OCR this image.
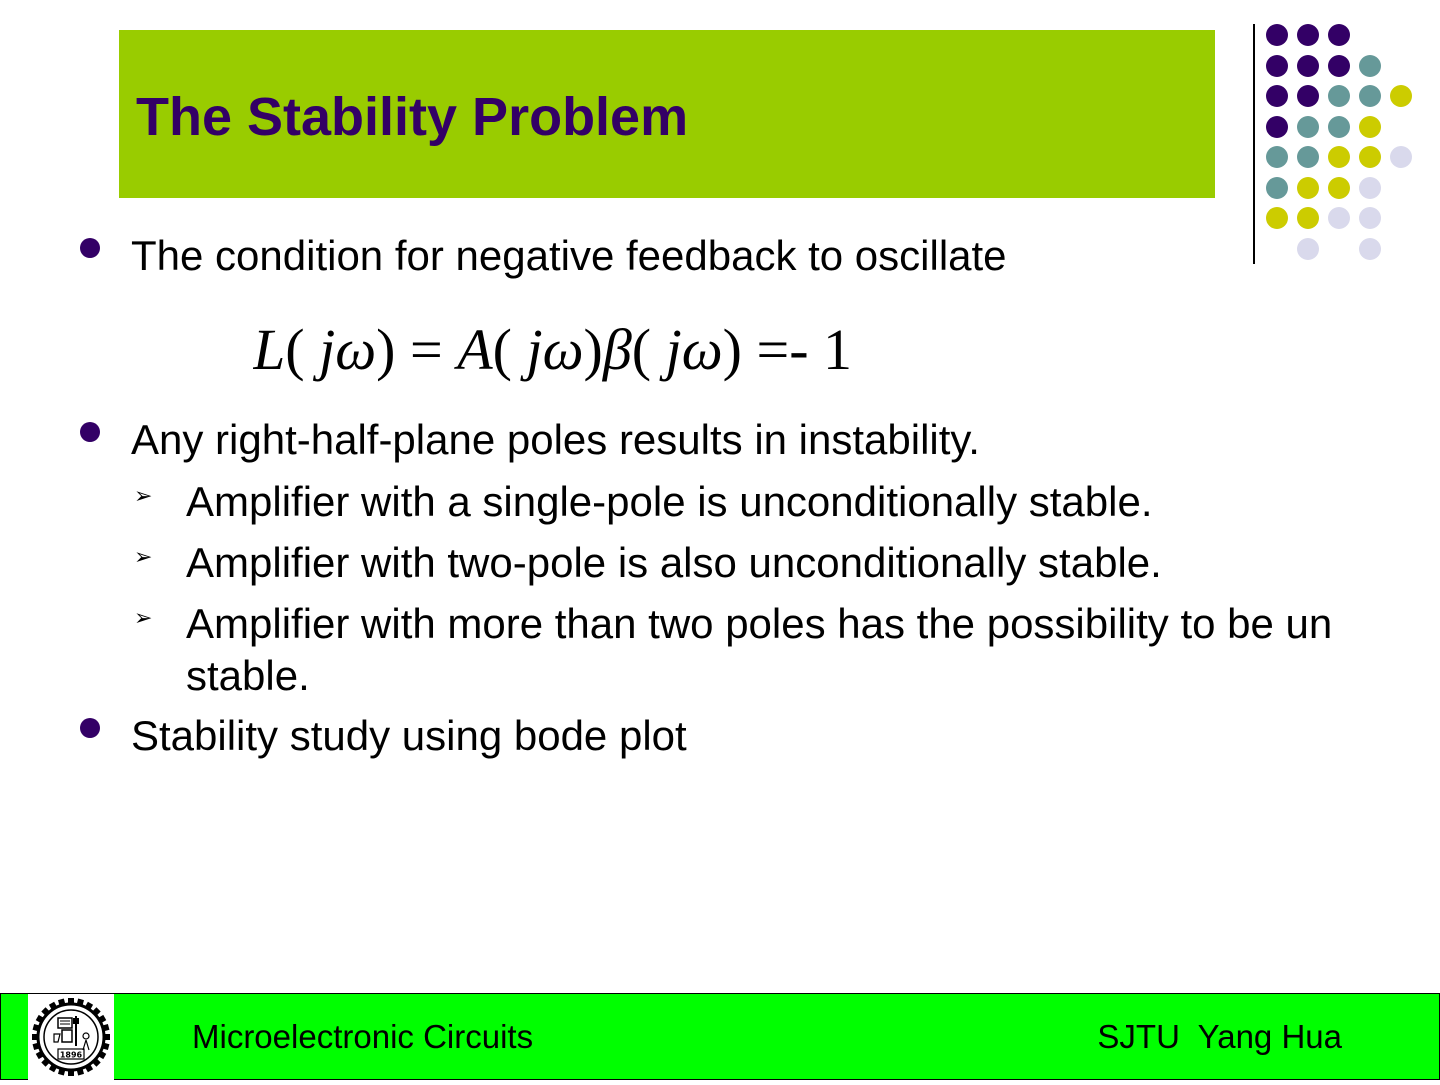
The Stability Problem
The condition for negative feedback to oscillate
L( jω) = A( jω)β( jω) =- 1
Any right-half-plane poles results in instability.
➢ Amplifier with a single-pole is unconditionally stable.
➢ Amplifier with two-pole is also unconditionally stable.
➢ Amplifier with more than two poles has the possibility to be unstable.
Stability study using bode plot
1896	Microelectronic Circuits	SJTU  Yang Hua
